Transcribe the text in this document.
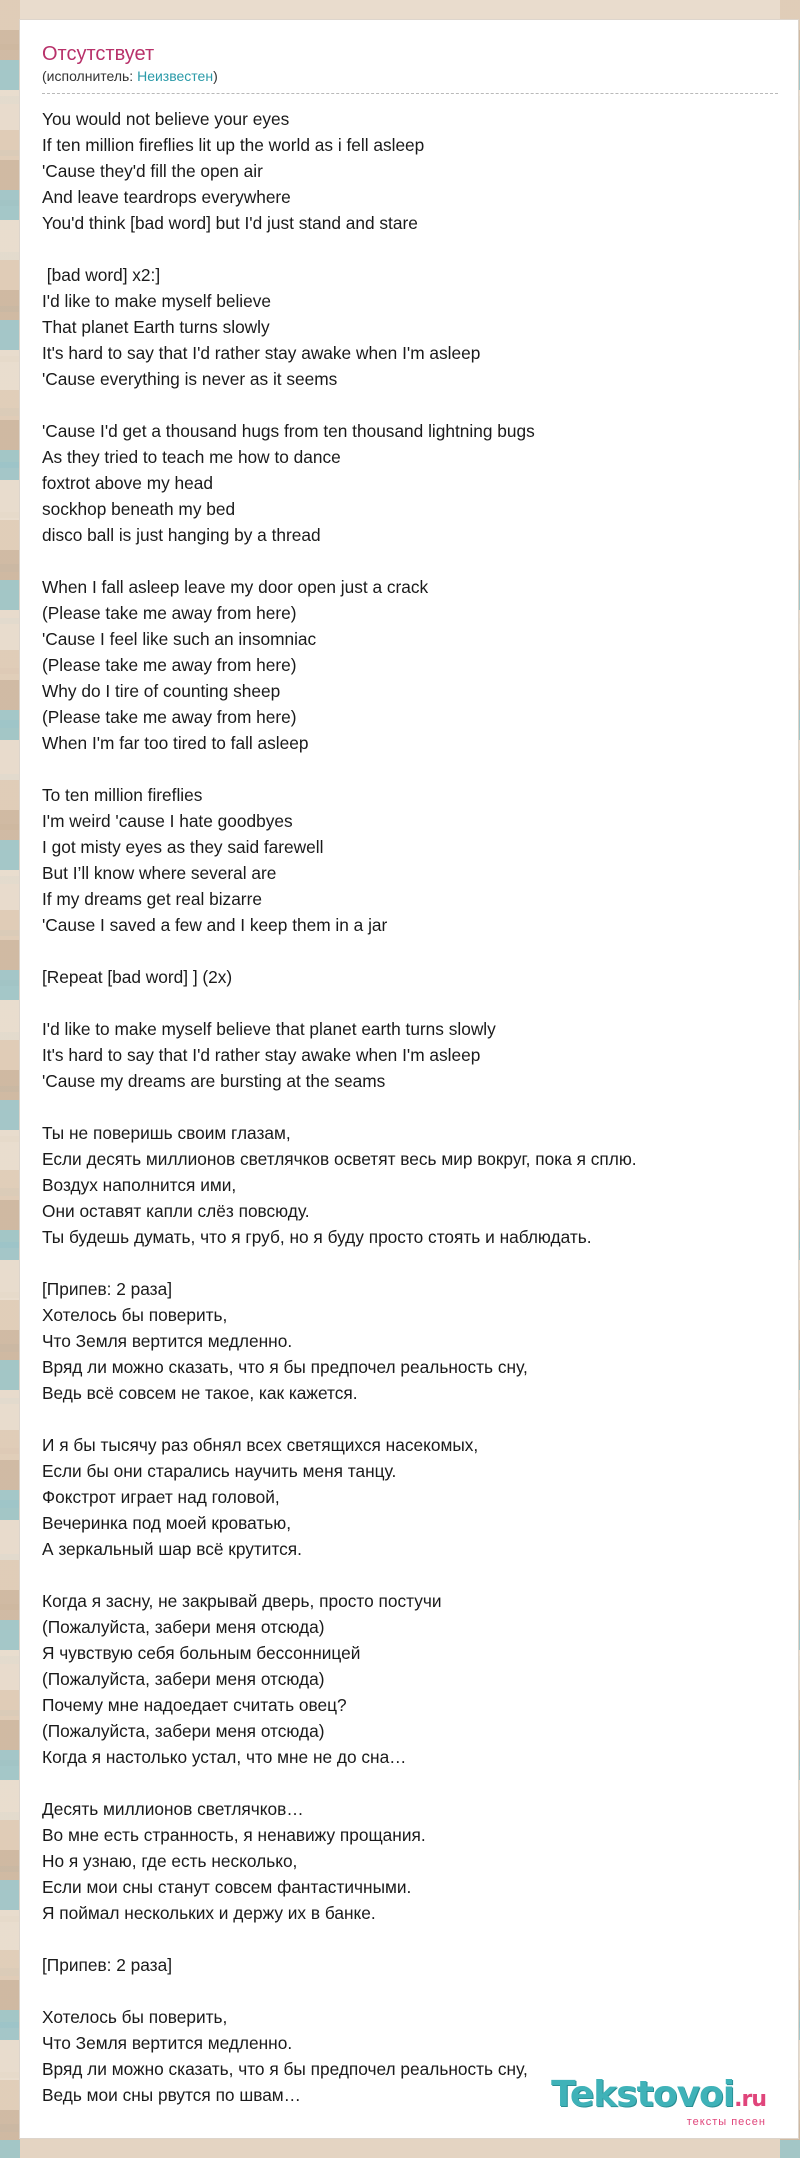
Отсутствует
(исполнитель: Неизвестен)
You would not believe your eyes
If ten million fireflies lit up the world as i fell asleep
'Cause they'd fill the open air
And leave teardrops everywhere
You'd think [bad word] but I'd just stand and stare
[bad word] x2:]
I'd like to make myself believe
That planet Earth turns slowly
It's hard to say that I'd rather stay awake when I'm asleep
'Cause everything is never as it seems
'Cause I'd get a thousand hugs from ten thousand lightning bugs
As they tried to teach me how to dance
foxtrot above my head
sockhop beneath my bed
disco ball is just hanging by a thread
When I fall asleep leave my door open just a crack
(Please take me away from here)
'Cause I feel like such an insomniac
(Please take me away from here)
Why do I tire of counting sheep
(Please take me away from here)
When I'm far too tired to fall asleep
To ten million fireflies
I'm weird 'cause I hate goodbyes
I got misty eyes as they said farewell
But I’ll know where several are
If my dreams get real bizarre
'Cause I saved a few and I keep them in a jar
[Repeat [bad word] ] (2x)
I'd like to make myself believe that planet earth turns slowly
It's hard to say that I'd rather stay awake when I'm asleep
'Cause my dreams are bursting at the seams
Ты не поверишь своим глазам,
Если десять миллионов светлячков осветят весь мир вокруг, пока я сплю.
Воздух наполнится ими,
Они оставят капли слёз повсюду.
Ты будешь думать, что я груб, но я буду просто стоять и наблюдать.
[Припев: 2 раза]
Хотелось бы поверить,
Что Земля вертится медленно.
Вряд ли можно сказать, что я бы предпочел реальность сну,
Ведь всё совсем не такое, как кажется.
И я бы тысячу раз обнял всех светящихся насекомых,
Если бы они старались научить меня танцу.
Фокстрот играет над головой,
Вечеринка под моей кроватью,
А зеркальный шар всё крутится.
Когда я засну, не закрывай дверь, просто постучи
(Пожалуйста, забери меня отсюда)
Я чувствую себя больным бессонницей
(Пожалуйста, забери меня отсюда)
Почему мне надоедает считать овец?
(Пожалуйста, забери меня отсюда)
Когда я настолько устал, что мне не до сна…
Десять миллионов светлячков…
Во мне есть странность, я ненавижу прощания.
Но я узнаю, где есть несколько,
Если мои сны станут совсем фантастичными.
Я поймал нескольких и держу их в банке.
[Припев: 2 раза]
Хотелось бы поверить,
Что Земля вертится медленно.
Вряд ли можно сказать, что я бы предпочел реальность сну,
Ведь мои сны рвутся по швам…	Tekstovoi.ru
тексты песен
